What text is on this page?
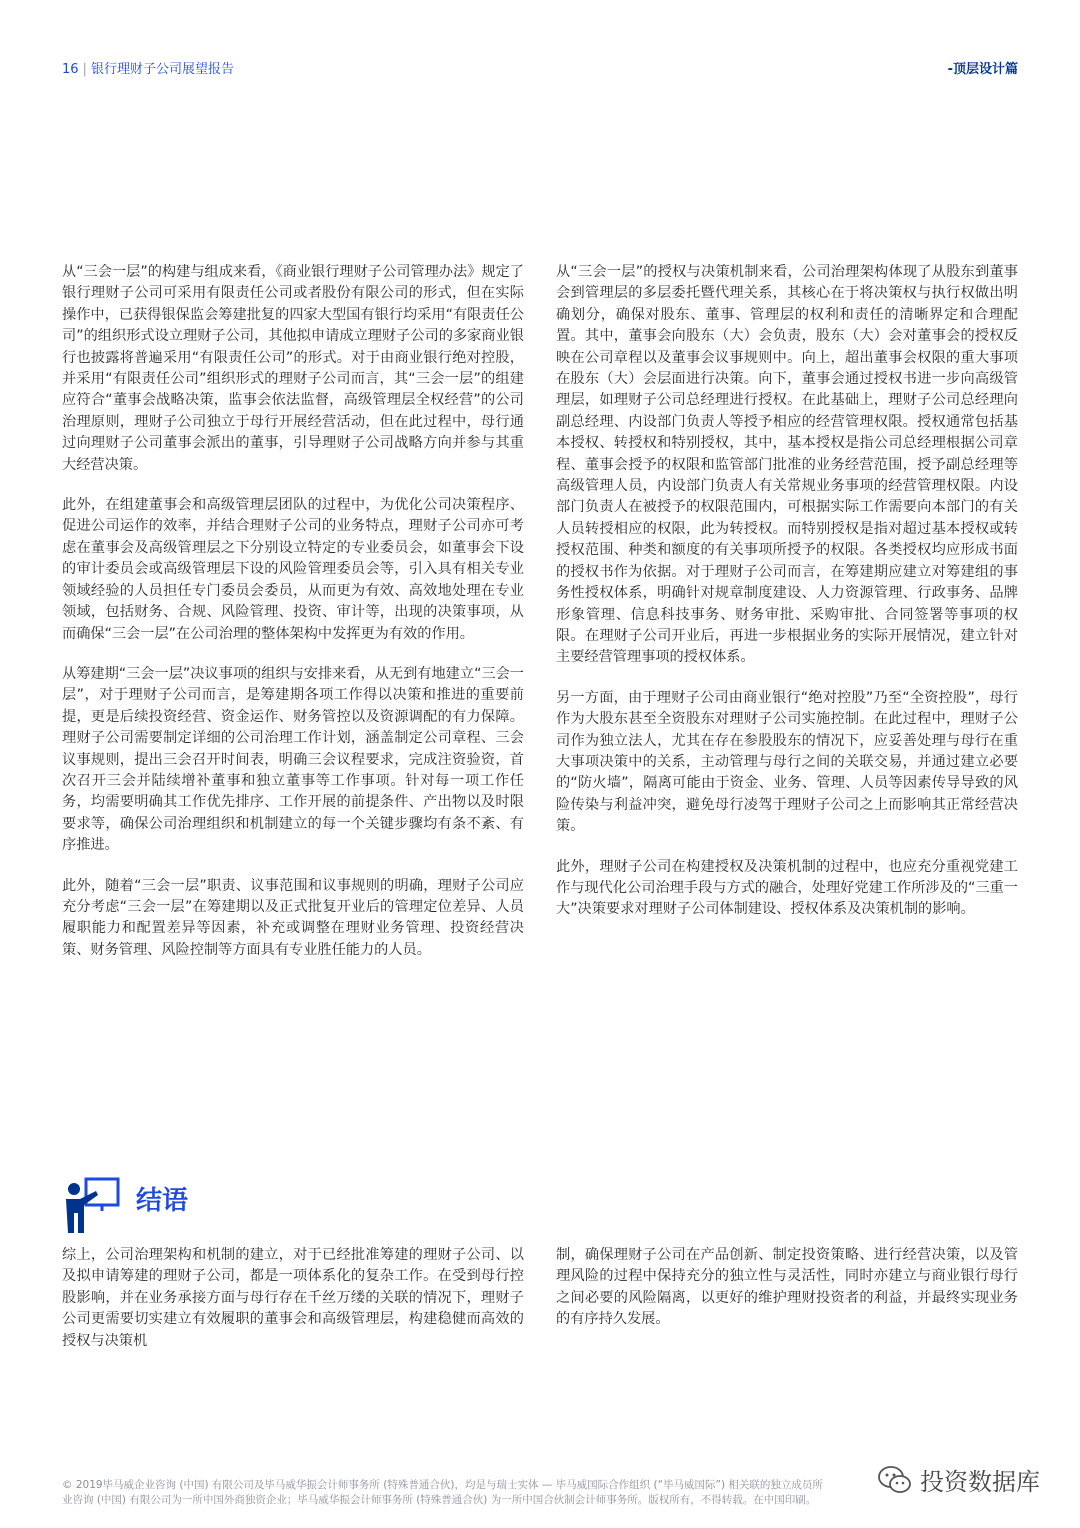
16 | 银行理财子公司展望报告	-顶层设计篇

从“三会一层”的构建与组成来看，《商业银行理财子公司管理办法》规定了银行理财子公司可采用有限责任公司或者股份有限公司的形式，但在实际操作中，已获得银保监会筹建批复的四家大型国有银行均采用“有限责任公司”的组织形式设立理财子公司，其他拟申请成立理财子公司的多家商业银行也披露将普遍采用“有限责任公司”的形式。对于由商业银行绝对控股，并采用“有限责任公司”组织形式的理财子公司而言，其“三会一层”的组建应符合“董事会战略决策，监事会依法监督，高级管理层全权经营”的公司治理原则，理财子公司独立于母行开展经营活动，但在此过程中，母行通过向理财子公司董事会派出的董事，引导理财子公司战略方向并参与其重大经营决策。

此外，在组建董事会和高级管理层团队的过程中，为优化公司决策程序、促进公司运作的效率，并结合理财子公司的业务特点，理财子公司亦可考虑在董事会及高级管理层之下分别设立特定的专业委员会，如董事会下设的审计委员会或高级管理层下设的风险管理委员会等，引入具有相关专业领域经验的人员担任专门委员会委员，从而更为有效、高效地处理在专业领域，包括财务、合规、风险管理、投资、审计等，出现的决策事项，从而确保“三会一层”在公司治理的整体架构中发挥更为有效的作用。

从筹建期“三会一层”决议事项的组织与安排来看，从无到有地建立“三会一层”，对于理财子公司而言，是筹建期各项工作得以决策和推进的重要前提，更是后续投资经营、资金运作、财务管控以及资源调配的有力保障。理财子公司需要制定详细的公司治理工作计划，涵盖制定公司章程、三会议事规则，提出三会召开时间表，明确三会议程要求，完成注资验资，首次召开三会并陆续增补董事和独立董事等工作事项。针对每一项工作任务，均需要明确其工作优先排序、工作开展的前提条件、产出物以及时限要求等，确保公司治理组织和机制建立的每一个关键步骤均有条不紊、有序推进。

此外，随着“三会一层”职责、议事范围和议事规则的明确，理财子公司应充分考虑“三会一层”在筹建期以及正式批复开业后的管理定位差异、人员履职能力和配置差异等因素，补充或调整在理财业务管理、投资经营决策、财务管理、风险控制等方面具有专业胜任能力的人员。

从“三会一层”的授权与决策机制来看，公司治理架构体现了从股东到董事会到管理层的多层委托暨代理关系，其核心在于将决策权与执行权做出明确划分，确保对股东、董事、管理层的权利和责任的清晰界定和合理配置。其中，董事会向股东（大）会负责，股东（大）会对董事会的授权反映在公司章程以及董事会议事规则中。向上，超出董事会权限的重大事项在股东（大）会层面进行决策。向下，董事会通过授权书进一步向高级管理层，如理财子公司总经理进行授权。在此基础上，理财子公司总经理向副总经理、内设部门负责人等授予相应的经营管理权限。授权通常包括基本授权、转授权和特别授权，其中，基本授权是指公司总经理根据公司章程、董事会授予的权限和监管部门批准的业务经营范围，授予副总经理等高级管理人员，内设部门负责人有关常规业务事项的经营管理权限。内设部门负责人在被授予的权限范围内，可根据实际工作需要向本部门的有关人员转授相应的权限，此为转授权。而特别授权是指对超过基本授权或转授权范围、种类和额度的有关事项所授予的权限。各类授权均应形成书面的授权书作为依据。对于理财子公司而言，在筹建期应建立对筹建组的事务性授权体系，明确针对规章制度建设、人力资源管理、行政事务、品牌形象管理、信息科技事务、财务审批、采购审批、合同签署等事项的权限。在理财子公司开业后，再进一步根据业务的实际开展情况，建立针对主要经营管理事项的授权体系。

另一方面，由于理财子公司由商业银行“绝对控股”乃至“全资控股”，母行作为大股东甚至全资股东对理财子公司实施控制。在此过程中，理财子公司作为独立法人，尤其在存在参股股东的情况下，应妥善处理与母行在重大事项决策中的关系，主动管理与母行之间的关联交易，并通过建立必要的“防火墙”，隔离可能由于资金、业务、管理、人员等因素传导导致的风险传染与利益冲突，避免母行凌驾于理财子公司之上而影响其正常经营决策。

此外，理财子公司在构建授权及决策机制的过程中，也应充分重视党建工作与现代化公司治理手段与方式的融合，处理好党建工作所涉及的“三重一大”决策要求对理财子公司体制建设、授权体系及决策机制的影响。

结语

综上，公司治理架构和机制的建立，对于已经批准筹建的理财子公司、以及拟申请筹建的理财子公司，都是一项体系化的复杂工作。在受到母行控股影响，并在业务承接方面与母行存在千丝万缕的关联的情况下，理财子公司更需要切实建立有效履职的董事会和高级管理层，构建稳健而高效的授权与决策机

制，确保理财子公司在产品创新、制定投资策略、进行经营决策，以及管理风险的过程中保持充分的独立性与灵活性，同时亦建立与商业银行母行之间必要的风险隔离，以更好的维护理财投资者的利益，并最终实现业务的有序持久发展。

© 2019毕马威企业咨询 (中国) 有限公司及毕马威华振会计师事务所 (特殊普通合伙)，均是与瑞士实体 — 毕马威国际合作组织 (“毕马威国际”) 相关联的独立成员所
业咨询 (中国) 有限公司为一所中国外商独资企业；毕马威华振会计师事务所 (特殊普通合伙) 为一所中国合伙制会计师事务所。版权所有，不得转载。在中国印刷。
投资数据库
